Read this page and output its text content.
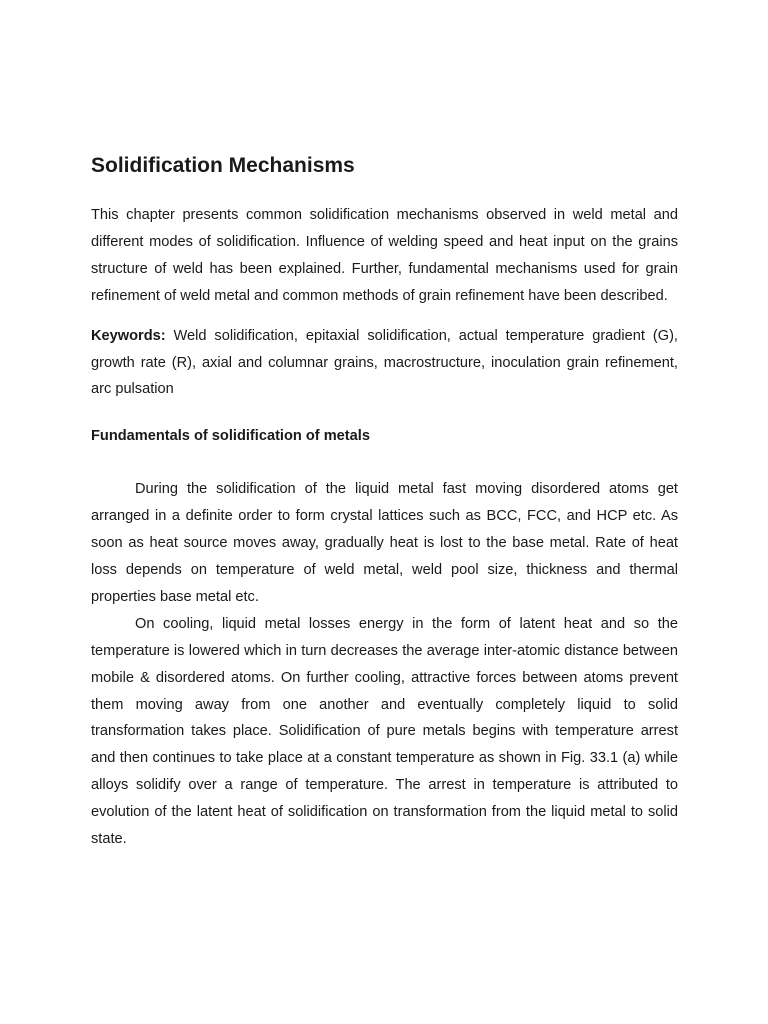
Solidification Mechanisms

This chapter presents common solidification mechanisms observed in weld metal and different modes of solidification. Influence of welding speed and heat input on the grains structure of weld has been explained. Further, fundamental mechanisms used for grain refinement of weld metal and common methods of grain refinement have been described.

Keywords: Weld solidification, epitaxial solidification, actual temperature gradient (G), growth rate (R), axial and columnar grains, macrostructure, inoculation grain refinement, arc pulsation

Fundamentals of solidification of metals

During the solidification of the liquid metal fast moving disordered atoms get arranged in a definite order to form crystal lattices such as BCC, FCC, and HCP etc. As soon as heat source moves away, gradually heat is lost to the base metal. Rate of heat loss depends on temperature of weld metal, weld pool size, thickness and thermal properties base metal etc.

On cooling, liquid metal losses energy in the form of latent heat and so the temperature is lowered which in turn decreases the average inter-atomic distance between mobile & disordered atoms. On further cooling, attractive forces between atoms prevent them moving away from one another and eventually completely liquid to solid transformation takes place. Solidification of pure metals begins with temperature arrest and then continues to take place at a constant temperature as shown in Fig. 33.1 (a) while alloys solidify over a range of temperature. The arrest in temperature is attributed to evolution of the latent heat of solidification on transformation from the liquid metal to solid state.
